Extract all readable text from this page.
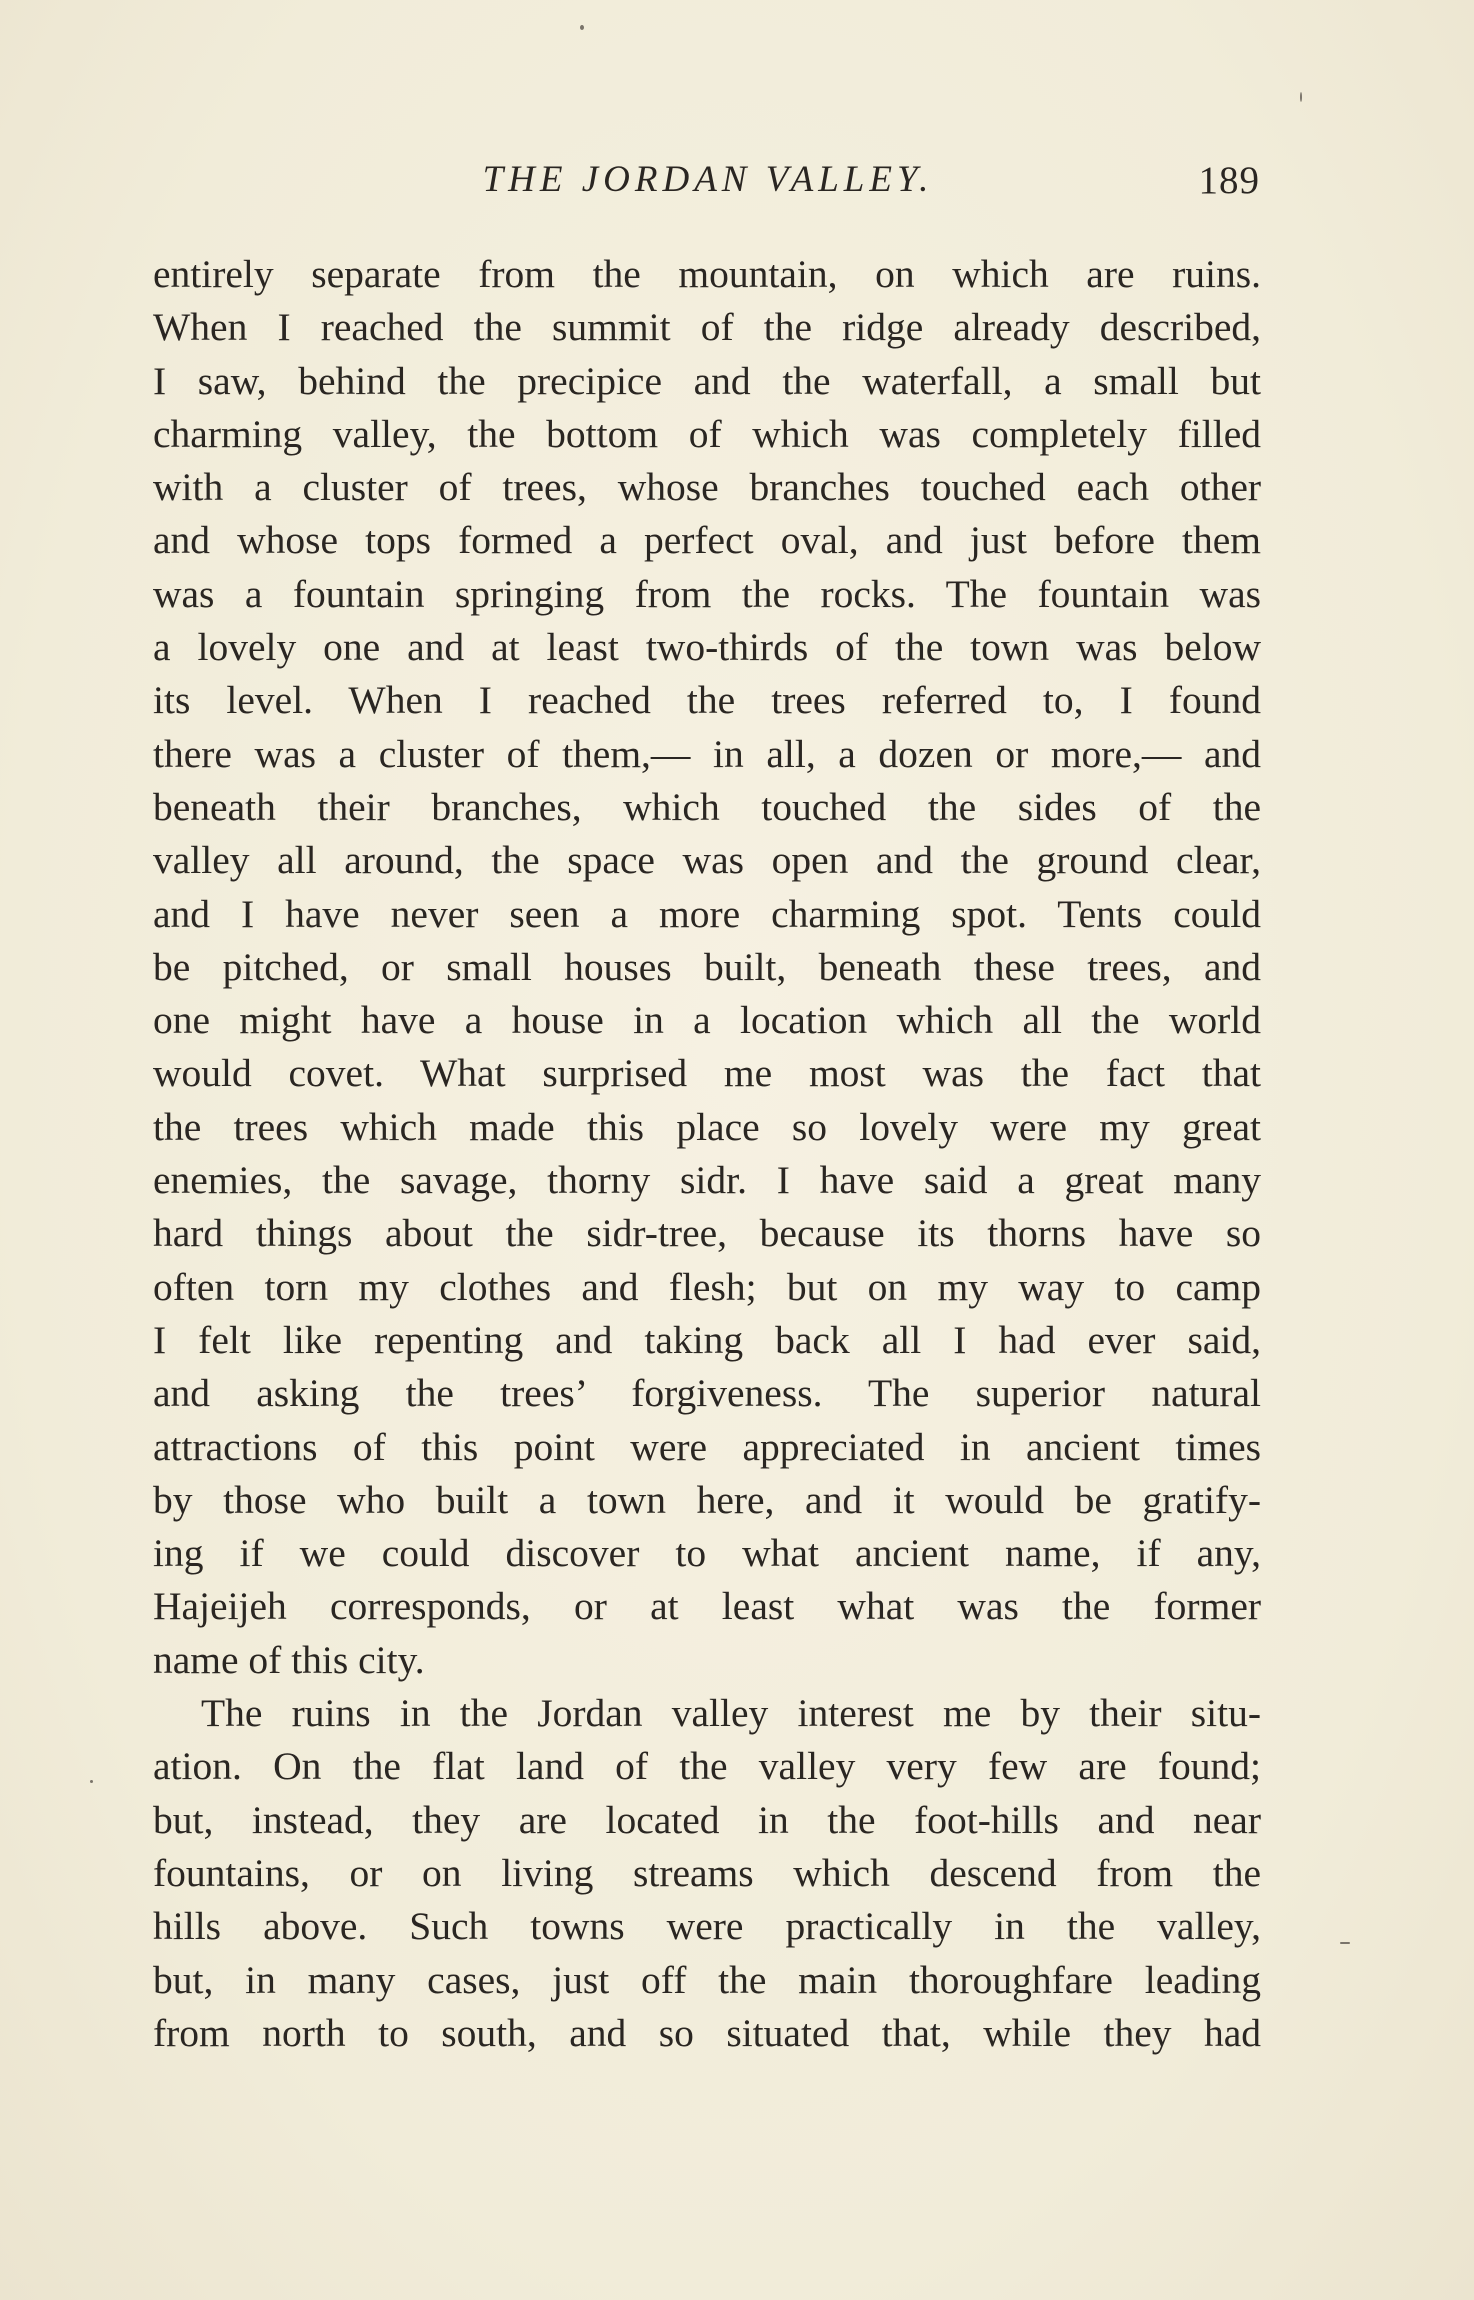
THE JORDAN VALLEY.	189
entirely separate from the mountain, on which are ruins.
When I reached the summit of the ridge already described,
I saw, behind the precipice and the waterfall, a small but
charming valley, the bottom of which was completely filled
with a cluster of trees, whose branches touched each other
and whose tops formed a perfect oval, and just before them
was a fountain springing from the rocks. The fountain was
a lovely one and at least two-thirds of the town was below
its level. When I reached the trees referred to, I found
there was a cluster of them,— in all, a dozen or more,— and
beneath their branches, which touched the sides of the
valley all around, the space was open and the ground clear,
and I have never seen a more charming spot. Tents could
be pitched, or small houses built, beneath these trees, and
one might have a house in a location which all the world
would covet. What surprised me most was the fact that
the trees which made this place so lovely were my great
enemies, the savage, thorny sidr. I have said a great many
hard things about the sidr-tree, because its thorns have so
often torn my clothes and flesh; but on my way to camp
I felt like repenting and taking back all I had ever said,
and asking the trees’ forgiveness. The superior natural
attractions of this point were appreciated in ancient times
by those who built a town here, and it would be gratify-
ing if we could discover to what ancient name, if any,
Hajeijeh corresponds, or at least what was the former
name of this city.
The ruins in the Jordan valley interest me by their situ-
ation. On the flat land of the valley very few are found;
but, instead, they are located in the foot-hills and near
fountains, or on living streams which descend from the
hills above. Such towns were practically in the valley,
but, in many cases, just off the main thoroughfare leading
from north to south, and so situated that, while they had
